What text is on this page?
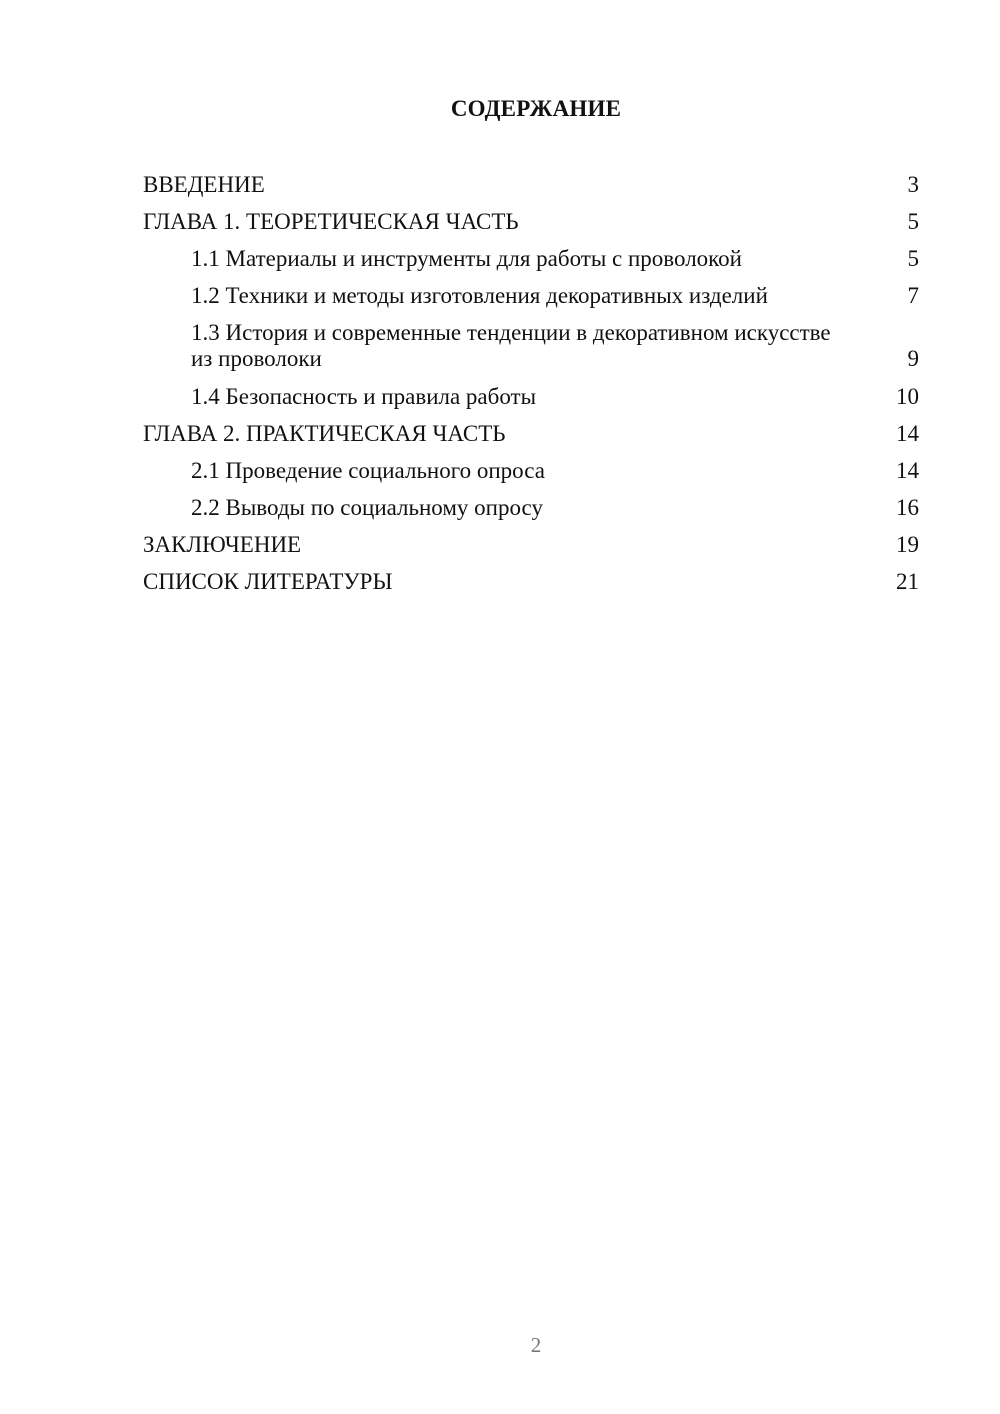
СОДЕРЖАНИЕ
ВВЕДЕНИЕ	3
ГЛАВА 1. ТЕОРЕТИЧЕСКАЯ ЧАСТЬ	5
1.1 Материалы и инструменты для работы с проволокой	5
1.2 Техники и методы изготовления декоративных изделий	7
1.3 История и современные тенденции в декоративном искусстве из проволоки	9
1.4 Безопасность и правила работы	10
ГЛАВА 2. ПРАКТИЧЕСКАЯ ЧАСТЬ	14
2.1 Проведение социального опроса	14
2.2 Выводы по социальному опросу	16
ЗАКЛЮЧЕНИЕ	19
СПИСОК ЛИТЕРАТУРЫ	21
2
